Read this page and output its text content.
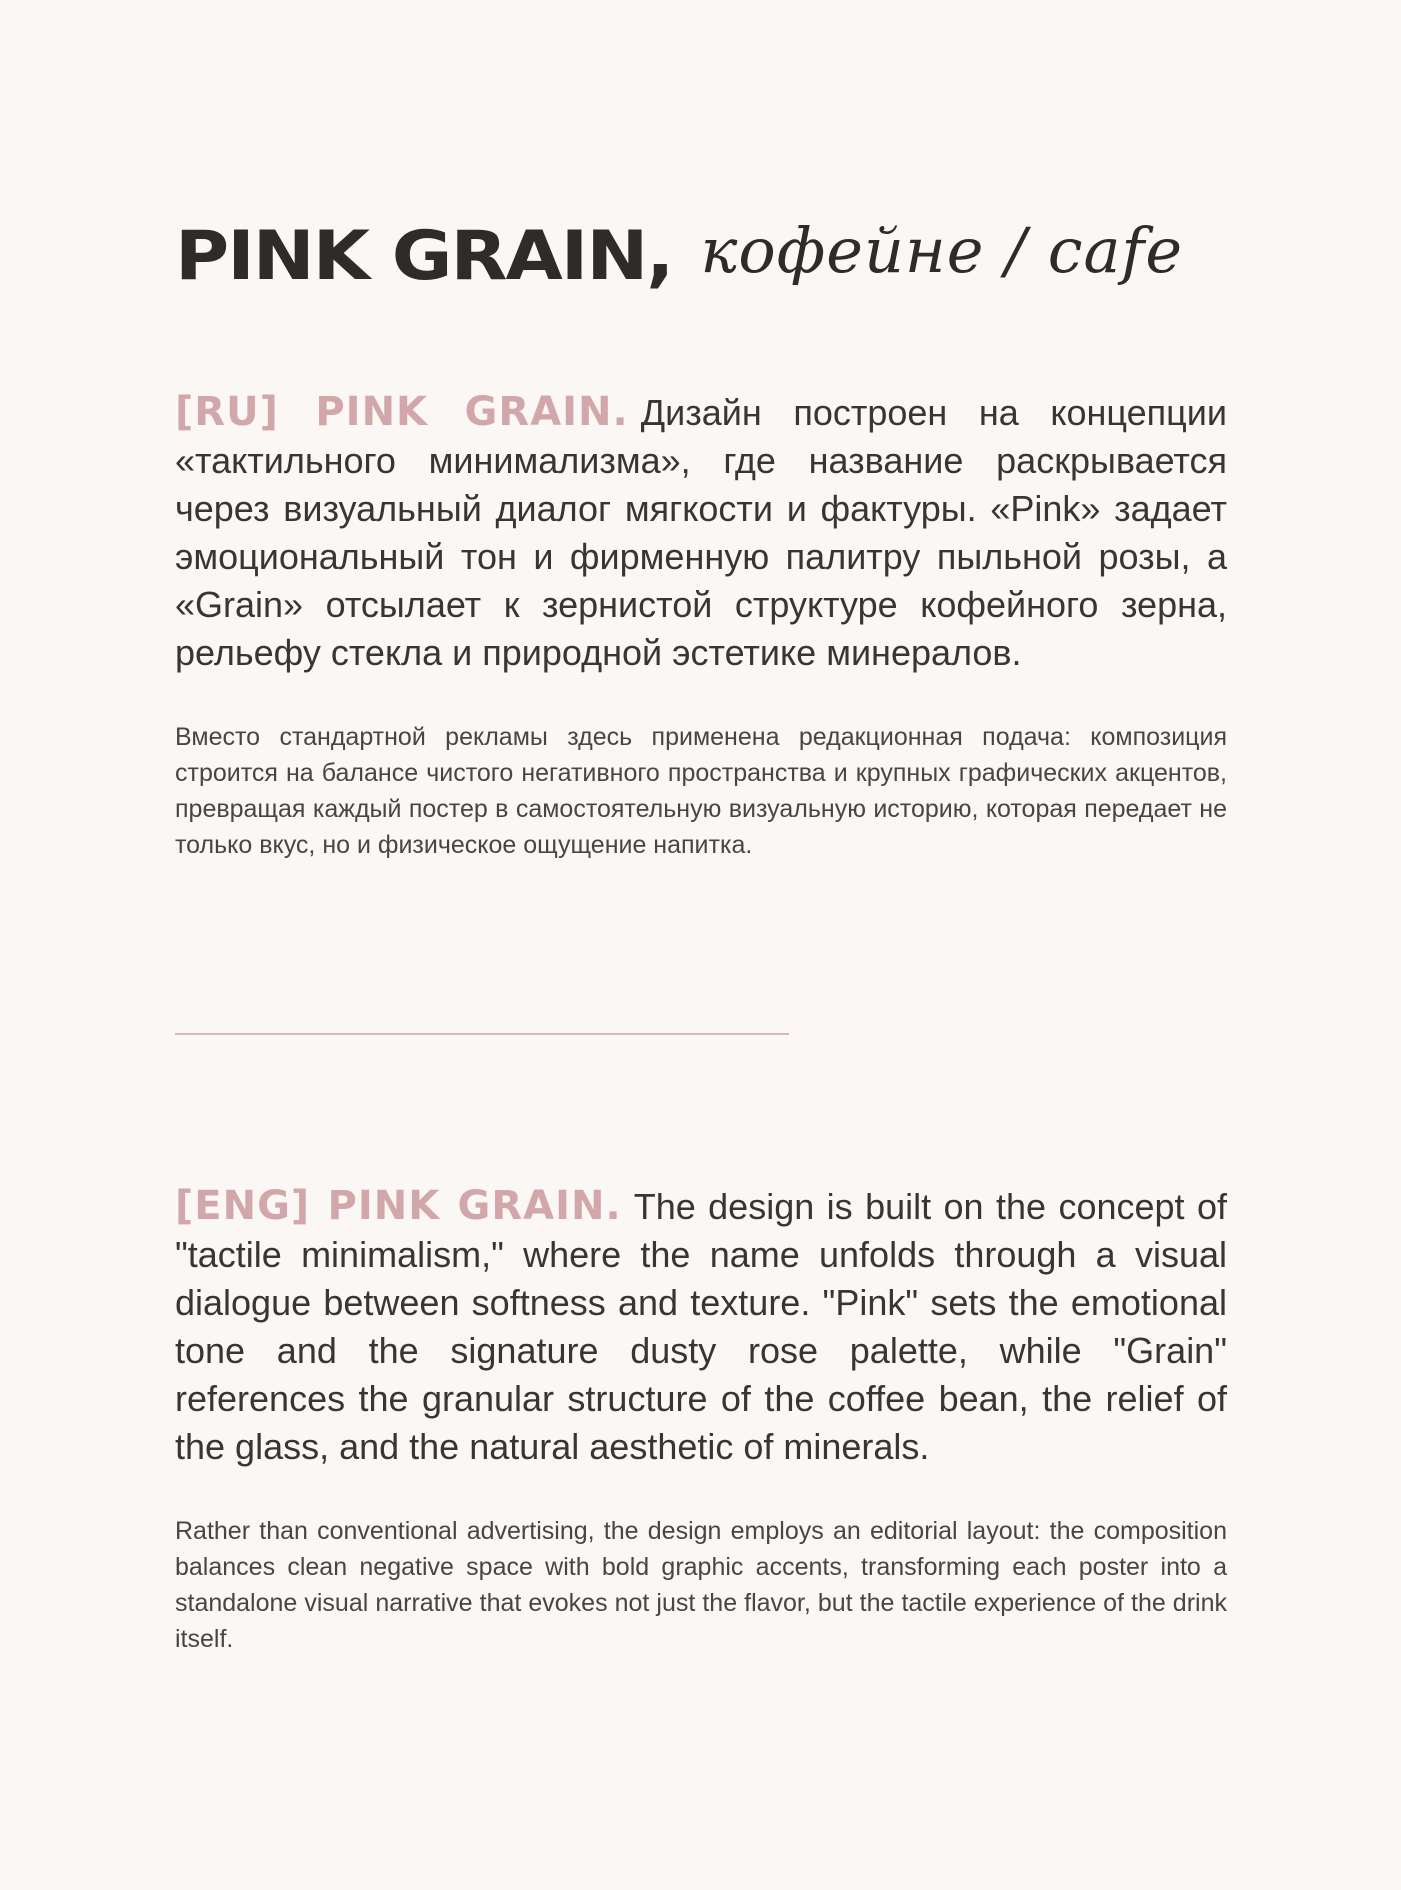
PINK GRAIN , кофейне / cafe

[RU] PINK GRAIN. Дизайн построен на концепции «тактильного минимализма», где название раскрывается через визуальный диалог мягкости и фактуры. «Pink» задает эмоциональный тон и фирменную палитру пыльной розы, а «Grain» отсылает к зернистой структуре кофейного зерна, рельефу стекла и природной эстетике минералов.

Вместо стандартной рекламы здесь применена редакционная подача: композиция строится на балансе чистого негативного пространства и крупных графических акцентов, превращая каждый постер в самостоятельную визуальную историю, которая передает не только вкус, но и физическое ощущение напитка.

[ENG] PINK GRAIN. The design is built on the concept of "tactile minimalism," where the name unfolds through a visual dialogue between softness and texture. "Pink" sets the emotional tone and the signature dusty rose palette, while "Grain" references the granular structure of the coffee bean, the relief of the glass, and the natural aesthetic of minerals.

Rather than conventional advertising, the design employs an editorial layout: the composition balances clean negative space with bold graphic accents, transforming each poster into a standalone visual narrative that evokes not just the flavor, but the tactile experience of the drink itself.
